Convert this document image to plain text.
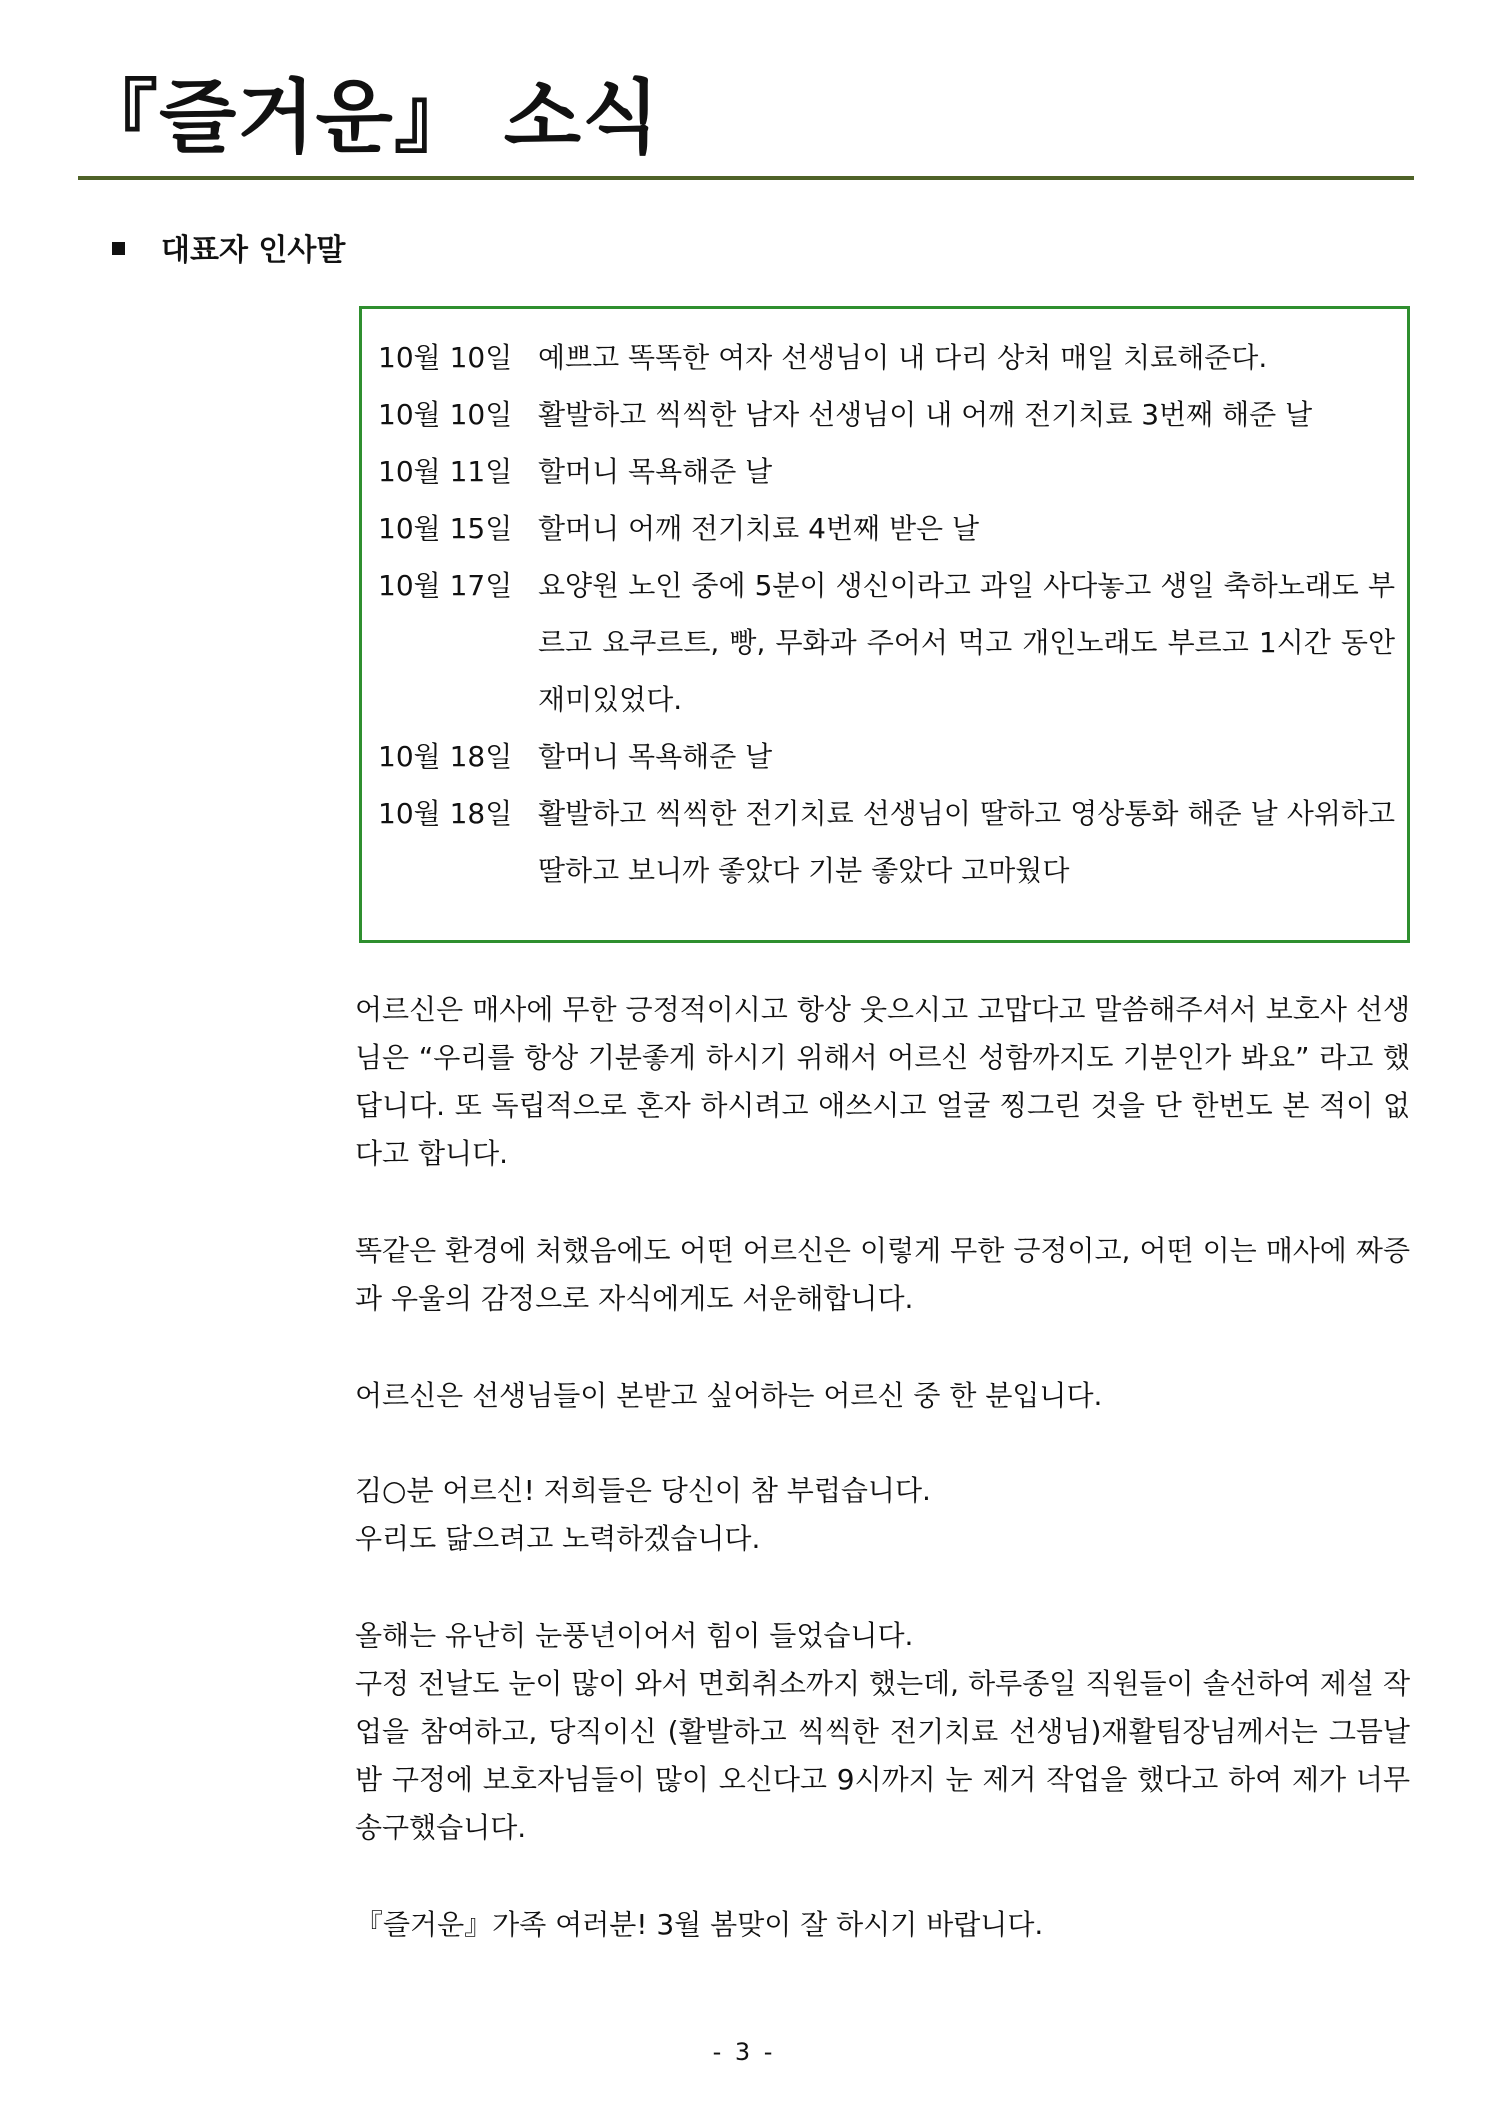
『즐거운』 소식
대표자 인사말
10월 10일 예쁘고 똑똑한 여자 선생님이 내 다리 상처 매일 치료해준다.
10월 10일 활발하고 씩씩한 남자 선생님이 내 어깨 전기치료 3번째 해준 날
10월 11일 할머니 목욕해준 날
10월 15일 할머니 어깨 전기치료 4번째 받은 날
10월 17일 요양원 노인 중에 5분이 생신이라고 과일 사다놓고 생일 축하노래도 부르고 요쿠르트, 빵, 무화과 주어서 먹고 개인노래도 부르고 1시간 동안 재미있었다.
10월 18일 할머니 목욕해준 날
10월 18일 활발하고 씩씩한 전기치료 선생님이 딸하고 영상통화 해준 날 사위하고 딸하고 보니까 좋았다 기분 좋았다 고마웠다

어르신은 매사에 무한 긍정적이시고 항상 웃으시고 고맙다고 말씀해주셔서 보호사 선생님은 “우리를 항상 기분좋게 하시기 위해서 어르신 성함까지도 기분인가 봐요” 라고 했답니다. 또 독립적으로 혼자 하시려고 애쓰시고 얼굴 찡그린 것을 단 한번도 본 적이 없다고 합니다.

똑같은 환경에 처했음에도 어떤 어르신은 이렇게 무한 긍정이고, 어떤 이는 매사에 짜증과 우울의 감정으로 자식에게도 서운해합니다.

어르신은 선생님들이 본받고 싶어하는 어르신 중 한 분입니다.

김○분 어르신! 저희들은 당신이 참 부럽습니다.

우리도 닮으려고 노력하겠습니다.

올해는 유난히 눈풍년이어서 힘이 들었습니다.

구정 전날도 눈이 많이 와서 면회취소까지 했는데, 하루종일 직원들이 솔선하여 제설 작업을 참여하고, 당직이신 (활발하고 씩씩한 전기치료 선생님)재활팀장님께서는 그믐날 밤 구정에 보호자님들이 많이 오신다고 9시까지 눈 제거 작업을 했다고 하여 제가 너무 송구했습니다.

『즐거운』가족 여러분! 3월 봄맞이 잘 하시기 바랍니다.

- 3 -
